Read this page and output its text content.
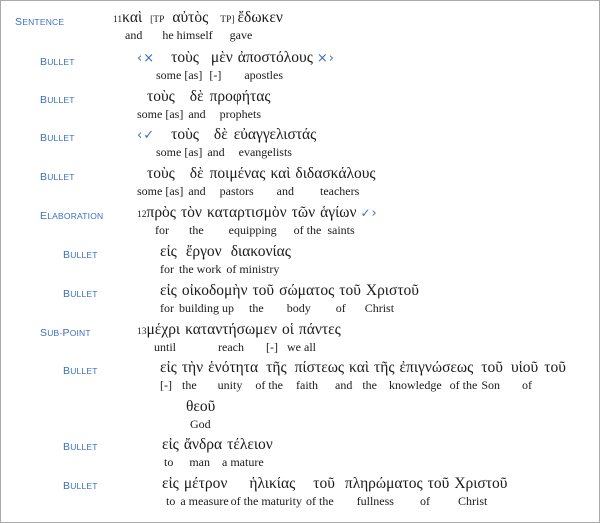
SENTENCE
BULLET
BULLET
BULLET
BULLET
ELABORATION
BULLET
BULLET
SUB-POINT
BULLET
BULLET
BULLET
11 καὶ [TP αὐτὸς TP] ἔδωκεν
and he himself gave
‹ × τοὺς μὲν ἀποστόλους × ›
some [as] [-] apostles
τοὺς δὲ προφήτας
some [as] and prophets
‹ ✓ τοὺς δὲ εὐαγγελιστάς
some [as] and evangelists
τοὺς δὲ ποιμένας καὶ διδασκάλους
some [as] and pastors and teachers
12 πρὸς τὸν καταρτισμὸν τῶν ἁγίων ✓ ›
for the equipping of the saints
εἰς ἔργον διακονίας
for the work of ministry
εἰς οἰκοδομὴν τοῦ σώματος τοῦ Χριστοῦ
for building up the body of Christ
13 μέχρι καταντήσωμεν οἱ πάντες
until	reach [-] we all
εἰς τὴν ἑνότητα τῆς πίστεως καὶ τῆς ἐπιγνώσεως τοῦ υἱοῦ τοῦ
[-] the unity of the faith and the knowledge of the Son of
θεοῦ
God
εἰς ἄνδρα τέλειον
to man a mature
εἰς μέτρον ἡλικίας τοῦ πληρώματος τοῦ Χριστοῦ
to a measure of the maturity of the fullness of Christ
